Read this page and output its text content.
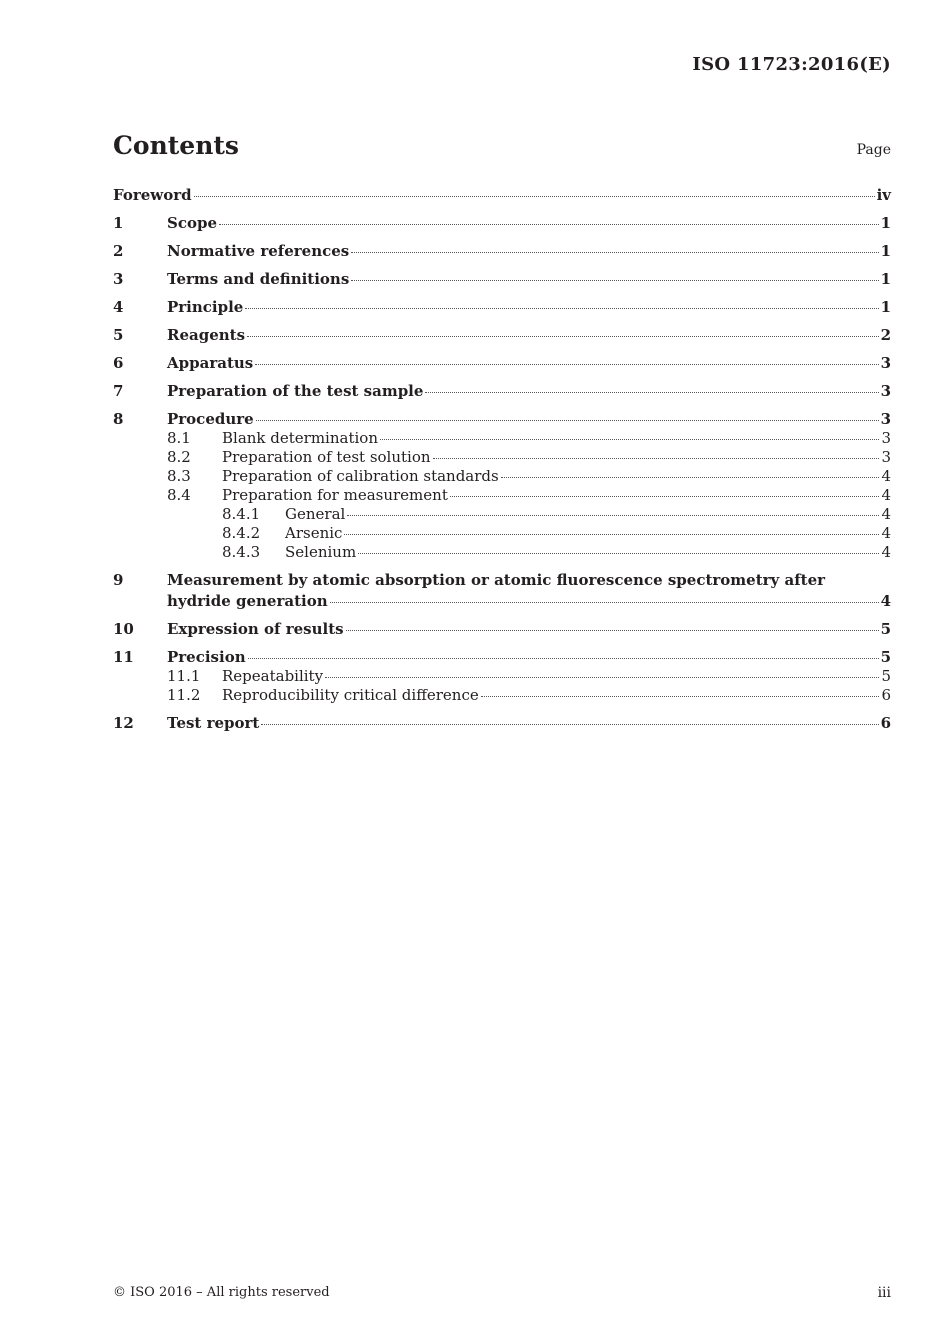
ISO 11723:2016(E)
Contents	Page
Foreword	iv
1	Scope	1
2	Normative references	1
3	Terms and definitions	1
4	Principle	1
5	Reagents	2
6	Apparatus	3
7	Preparation of the test sample	3
8	Procedure	3
8.1	Blank determination	3
8.2	Preparation of test solution	3
8.3	Preparation of calibration standards	4
8.4	Preparation for measurement	4
8.4.1	General	4
8.4.2	Arsenic	4
8.4.3	Selenium	4
9	Measurement by atomic absorption or atomic fluorescence spectrometry after
hydride generation	4
10	Expression of results	5
11	Precision	5
11.1	Repeatability	5
11.2	Reproducibility critical difference	6
12	Test report	6
© ISO 2016 – All rights reserved	iii
